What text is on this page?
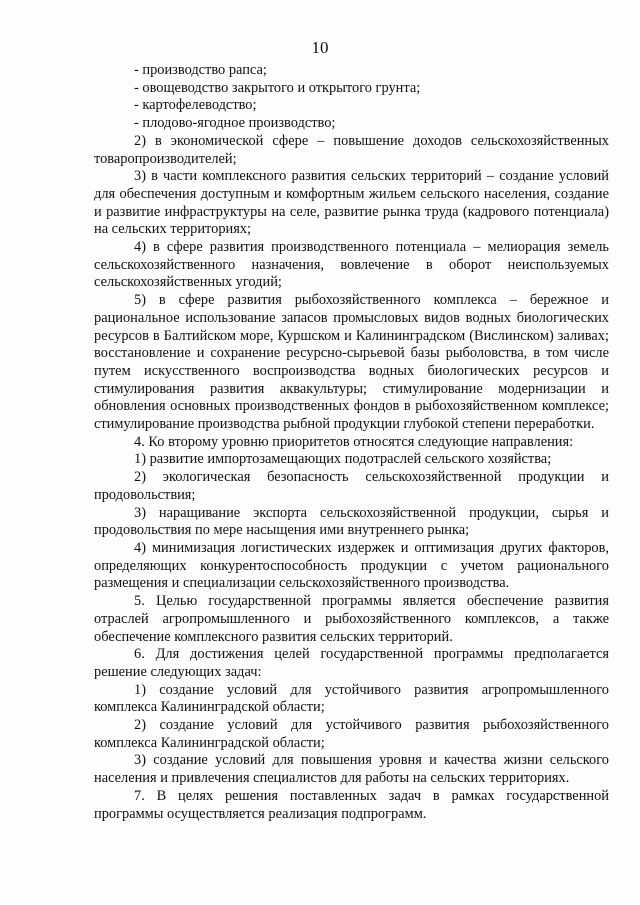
10

- производство рапса;

- овощеводство закрытого и открытого грунта;

- картофелеводство;

- плодово-ягодное производство;

2) в экономической сфере – повышение доходов сельскохозяйственных товаропроизводителей;

3) в части комплексного развития сельских территорий – создание условий для обеспечения доступным и комфортным жильем сельского населения, создание и развитие инфраструктуры на селе, развитие рынка труда (кадрового потенциала) на сельских территориях;

4) в сфере развития производственного потенциала – мелиорация земель сельскохозяйственного назначения, вовлечение в оборот неиспользуемых сельскохозяйственных угодий;

5) в сфере развития рыбохозяйственного комплекса – бережное и рациональное использование запасов промысловых видов водных биологических ресурсов в Балтийском море, Куршском и Калининградском (Вислинском) заливах; восстановление и сохранение ресурсно-сырьевой базы рыболовства, в том числе путем искусственного воспроизводства водных биологических ресурсов и стимулирования развития аквакультуры; стимулирование модернизации и обновления основных производственных фондов в рыбохозяйственном комплексе; стимулирование производства рыбной продукции глубокой степени переработки.

4. Ко второму уровню приоритетов относятся следующие направления:

1) развитие импортозамещающих подотраслей сельского хозяйства;

2) экологическая безопасность сельскохозяйственной продукции и продовольствия;

3) наращивание экспорта сельскохозяйственной продукции, сырья и продовольствия по мере насыщения ими внутреннего рынка;

4) минимизация логистических издержек и оптимизация других факторов, определяющих конкурентоспособность продукции с учетом рационального размещения и специализации сельскохозяйственного производства.

5. Целью государственной программы является обеспечение развития отраслей агропромышленного и рыбохозяйственного комплексов, а также обеспечение комплексного развития сельских территорий.

6. Для достижения целей государственной программы предполагается решение следующих задач:

1) создание условий для устойчивого развития агропромышленного комплекса Калининградской области;

2) создание условий для устойчивого развития рыбохозяйственного комплекса Калининградской области;

3) создание условий для повышения уровня и качества жизни сельского населения и привлечения специалистов для работы на сельских территориях.

7. В целях решения поставленных задач в рамках государственной программы осуществляется реализация подпрограмм.
